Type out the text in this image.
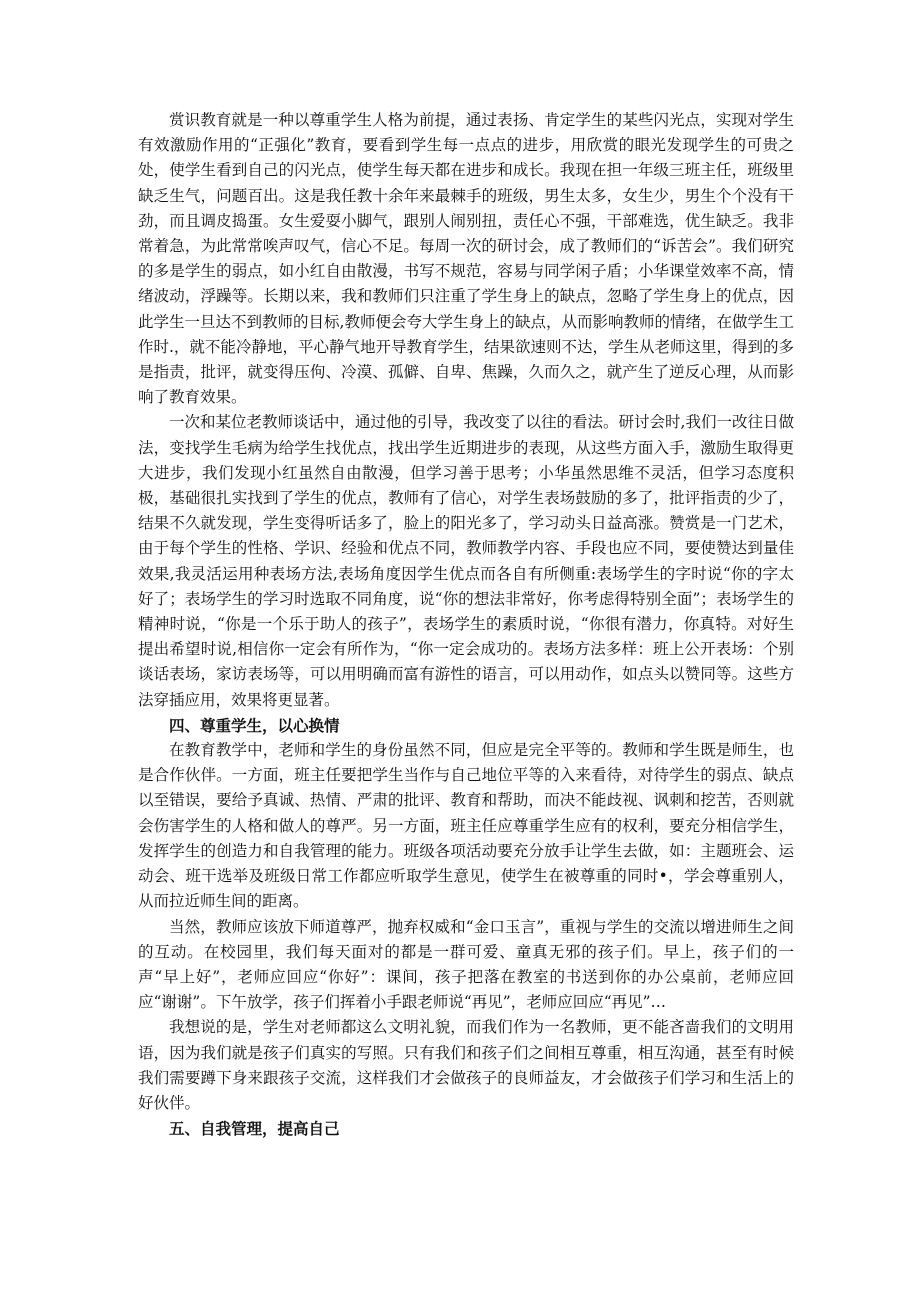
赏识教育就是一种以尊重学生人格为前提，通过表扬、肯定学生的某些闪光点，实现对学生有效激励作用的“正强化”教育，要看到学生每一点点的进步，用欣赏的眼光发现学生的可贵之处，使学生看到自己的闪光点，使学生每天都在进步和成长。我现在担一年级三班主任，班级里缺乏生气，问题百出。这是我任教十余年来最棘手的班级，男生太多，女生少，男生个个没有干劲，而且调皮捣蛋。女生爱耍小脚气，跟别人闹别扭，责任心不强，干部难选，优生缺乏。我非常着急，为此常常唉声叹气，信心不足。每周一次的研讨会，成了教师们的“诉苦会”。我们研究的多是学生的弱点，如小红自由散漫，书写不规范，容易与同学闲子盾；小华课堂效率不高，情绪波动，浮躁等。长期以来，我和教师们只注重了学生身上的缺点，忽略了学生身上的优点，因此学生一旦达不到教师的目标,教师便会夸大学生身上的缺点，从而影响教师的情绪，在做学生工作时.，就不能冷静地，平心静气地开导教育学生，结果欲速则不达，学生从老师这里，得到的多是指责，批评，就变得压佝、冷漠、孤僻、自卑、焦躁，久而久之，就产生了逆反心理，从而影响了教育效果。

一次和某位老教师谈话中，通过他的引导，我改变了以往的看法。研讨会时,我们一改往日做法，变找学生毛病为给学生找优点，找出学生近期进步的表现，从这些方面入手，激励生取得更大进步，我们发现小红虽然自由散漫，但学习善于思考；小华虽然思维不灵活，但学习态度积极，基础很扎实找到了学生的优点，教师有了信心，对学生表场鼓励的多了，批评指责的少了，结果不久就发现，学生变得听话多了，脸上的阳光多了，学习动头日益高涨。赞赏是一门艺术，由于每个学生的性格、学识、经验和优点不同，教师教学内容、手段也应不同，要使赞达到量佳效果,我灵活运用种表场方法,表场角度因学生优点而各自有所侧重:表场学生的字时说“你的字太好了；表场学生的学习时选取不同角度，说“你的想法非常好，你考虑得特别全面”；表场学生的精神时说，“你是一个乐于助人的孩子”，表场学生的素质时说，“你很有潜力，你真特。对好生提出希望时说,相信你一定会有所作为，“你一定会成功的。表场方法多样：班上公开表场：个别谈话表场，家访表场等，可以用明确而富有游性的语言，可以用动作，如点头以赞同等。这些方法穿插应用，效果将更显著。

四、尊重学生，以心换情

在教育教学中，老师和学生的身份虽然不同，但应是完全平等的。教师和学生既是师生，也是合作伙伴。一方面，班主任要把学生当作与自己地位平等的入来看待，对待学生的弱点、缺点以至错误，要给予真诚、热情、严肃的批评、教育和帮助，而决不能歧视、讽刺和挖苦，否则就会伤害学生的人格和做人的尊严。另一方面，班主任应尊重学生应有的权利，要充分相信学生，发挥学生的创造力和自我管理的能力。班级各项活动要充分放手让学生去做，如：主题班会、运动会、班干选举及班级日常工作都应听取学生意见，使学生在被尊重的同时•，学会尊重别人，从而拉近师生间的距离。

当然，教师应该放下师道尊严，抛弃权威和“金口玉言”，重视与学生的交流以增进师生之间的互动。在校园里，我们每天面对的都是一群可爱、童真无邪的孩子们。早上，孩子们的一声“早上好”，老师应回应“你好”：课间，孩子把落在教室的书送到你的办公桌前，老师应回应“谢谢”。下午放学，孩子们挥着小手跟老师说“再见”，老师应回应“再见”…

我想说的是，学生对老师都这么文明礼貌，而我们作为一名教师，更不能吝啬我们的文明用语，因为我们就是孩子们真实的写照。只有我们和孩子们之间相互尊重，相互沟通，甚至有时候我们需要蹲下身来跟孩子交流，这样我们才会做孩子的良师益友，才会做孩子们学习和生活上的好伙伴。

五、自我管理，提高自己
